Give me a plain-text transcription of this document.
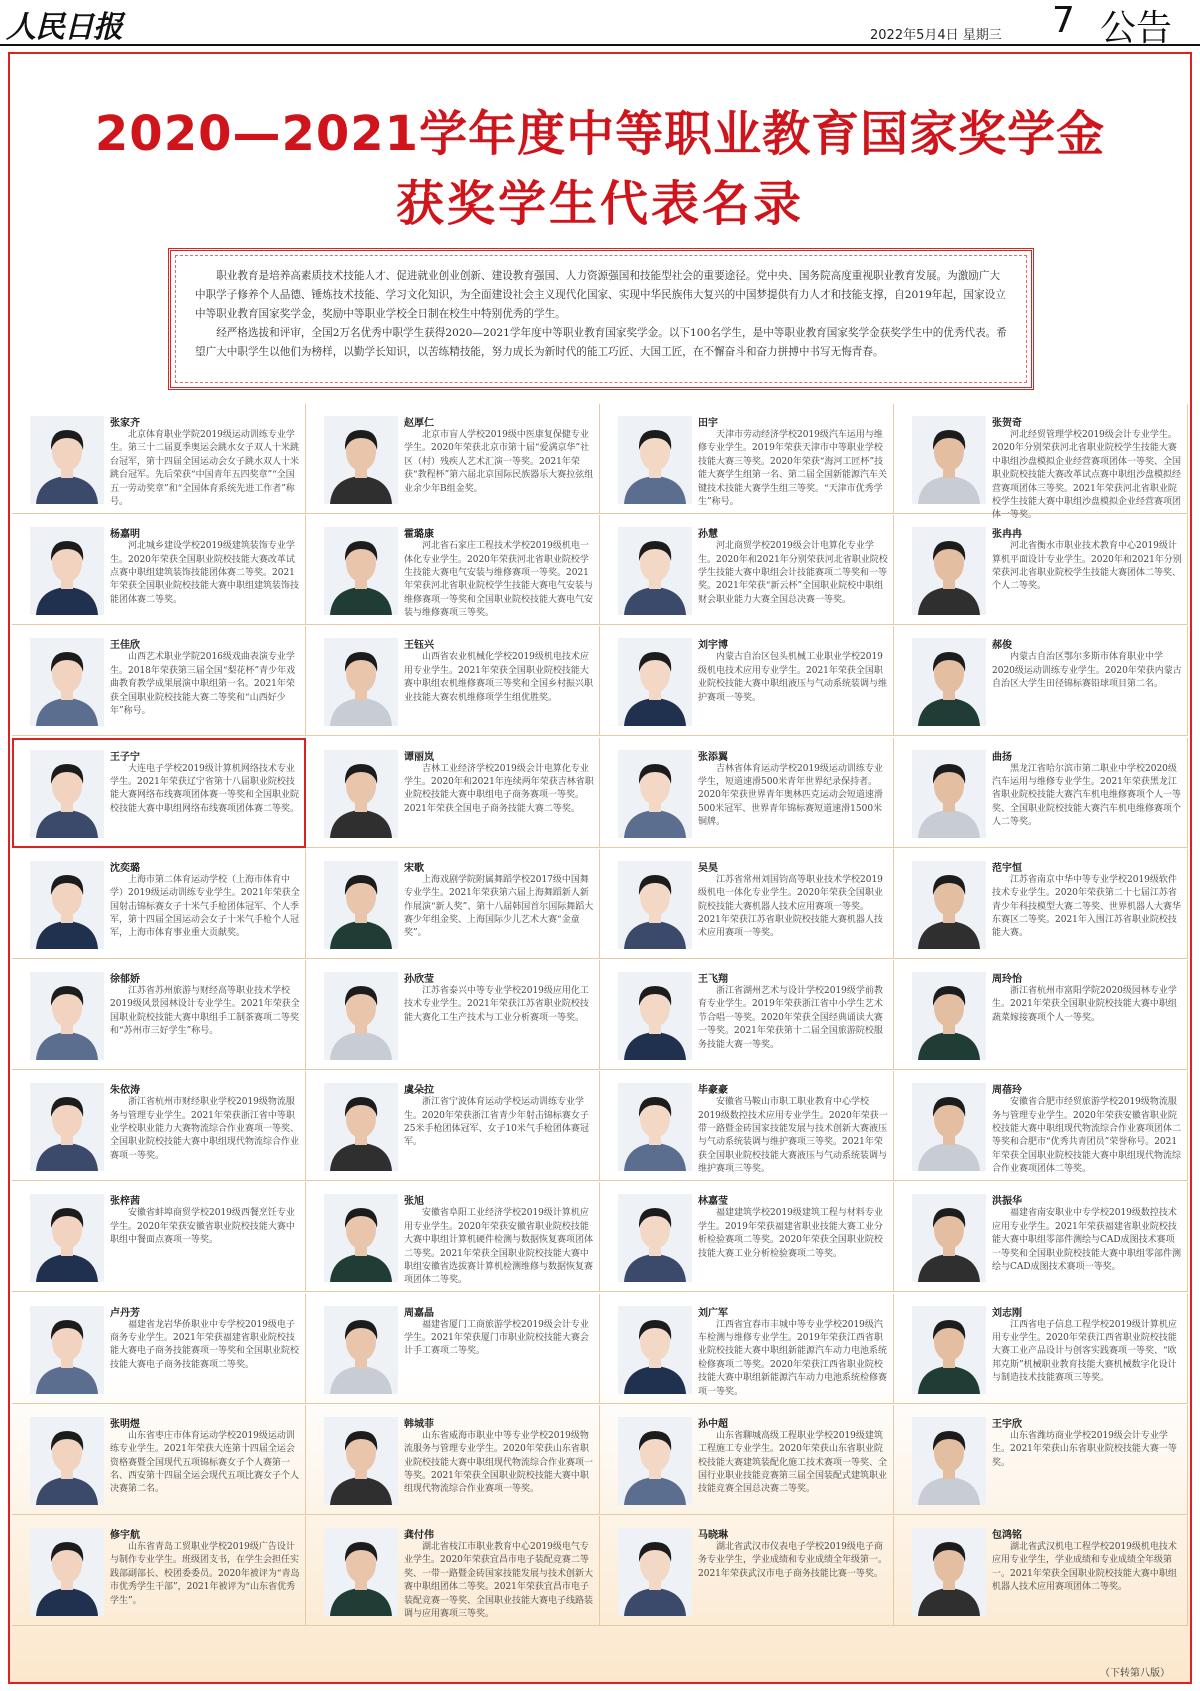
人民日报	2022年5月4日 星期三 7 公告
2020—2021学年度中等职业教育国家奖学金
获奖学生代表名录

职业教育是培养高素质技术技能人才、促进就业创业创新、建设教育强国、人力资源强国和技能型社会的重要途径。党中央、国务院高度重视职业教育发展。为激励广大中职学子修养个人品德、锤炼技术技能、学习文化知识，为全面建设社会主义现代化国家、实现中华民族伟大复兴的中国梦提供有力人才和技能支撑，自2019年起，国家设立中等职业教育国家奖学金，奖励中等职业学校全日制在校生中特别优秀的学生。

经严格选拔和评审，全国2万名优秀中职学生获得2020—2021学年度中等职业教育国家奖学金。以下100名学生，是中等职业教育国家奖学金获奖学生中的优秀代表。希望广大中职学生以他们为榜样，以勤学长知识，以苦练精技能，努力成长为新时代的能工巧匠、大国工匠，在不懈奋斗和奋力拼搏中书写无悔青春。

张家齐
北京体育职业学院2019级运动训练专业学生。第三十二届夏季奥运会跳水女子双人十米跳台冠军，第十四届全国运动会女子跳水双人十米跳台冠军。先后荣获“中国青年五四奖章”“全国五一劳动奖章”和“全国体育系统先进工作者”称号。
赵厚仁
北京市盲人学校2019级中医康复保健专业学生。2020年荣获北京市第十届“爱满京华”社区（村）残疾人艺术汇演一等奖。2021年荣获“教程杯”第六届北京国际民族器乐大赛拉弦组业余少年B组金奖。
田宇
天津市劳动经济学校2019级汽车运用与维修专业学生。2019年荣获天津市中等职业学校技能大赛三等奖。2020年荣获“海河工匠杯”技能大赛学生组第一名、第二届全国新能源汽车关键技术技能大赛学生组三等奖。“天津市优秀学生”称号。
张贺奇
河北经贸管理学校2019级会计专业学生。2020年分别荣获河北省职业院校学生技能大赛中职组沙盘模拟企业经营赛项团体一等奖、全国职业院校技能大赛改革试点赛中职组沙盘模拟经营赛项团体三等奖。2021年荣获河北省职业院校学生技能大赛中职组沙盘模拟企业经营赛项团体一等奖。
杨嘉明
河北城乡建设学校2019级建筑装饰专业学生。2020年荣获全国职业院校技能大赛改革试点赛中职组建筑装饰技能团体赛二等奖。2021年荣获全国职业院校技能大赛中职组建筑装饰技能团体赛二等奖。
霍璐康
河北省石家庄工程技术学校2019级机电一体化专业学生。2020年荣获河北省职业院校学生技能大赛电气安装与维修赛项一等奖。2021年荣获河北省职业院校学生技能大赛电气安装与维修赛项一等奖和全国职业院校技能大赛电气安装与维修赛项三等奖。
孙慧
河北商贸学校2019级会计电算化专业学生。2020年和2021年分别荣获河北省职业院校学生技能大赛中职组会计技能赛项二等奖和一等奖。2021年荣获“新云杯”全国职业院校中职组财会职业能力大赛全国总决赛一等奖。
张冉冉
河北省衡水市职业技术教育中心2019级计算机平面设计专业学生。2020年和2021年分别荣获河北省职业院校学生技能大赛团体二等奖、个人二等奖。
王佳欣
山西艺术职业学院2016级戏曲表演专业学生。2018年荣获第三届全国“梨花杯”青少年戏曲教育教学成果展演中职组第一名。2021年荣获全国职业院校技能大赛二等奖和“山西好少年”称号。
王钰兴
山西省农业机械化学校2019级机电技术应用专业学生。2021年荣获全国职业院校技能大赛中职组农机维修赛项三等奖和全国乡村振兴职业技能大赛农机维修项学生组优胜奖。
刘宇博
内蒙古自治区包头机械工业职业学校2019级机电技术应用专业学生。2021年荣获全国职业院校技能大赛中职组液压与气动系统装调与维护赛项一等奖。
郝俊
内蒙古自治区鄂尔多斯市体育职业中学2020级运动训练专业学生。2020年荣获内蒙古自治区大学生田径锦标赛铅球项目第二名。
王子宁
大连电子学校2019级计算机网络技术专业学生。2021年荣获辽宁省第十八届职业院校技能大赛网络布线赛项团体赛一等奖和全国职业院校技能大赛中职组网络布线赛项团体赛二等奖。
谭丽岚
吉林工业经济学校2019级会计电算化专业学生。2020年和2021年连续两年荣获吉林省职业院校技能大赛中职组电子商务赛项一等奖。2021年荣获全国电子商务技能大赛二等奖。
张添翼
吉林省体育运动学校2019级运动训练专业学生，短道速滑500米青年世界纪录保持者。2020年荣获世界青年奥林匹克运动会短道速滑500米冠军、世界青年锦标赛短道速滑1500米铜牌。
曲扬
黑龙江省哈尔滨市第二职业中学校2020级汽车运用与维修专业学生。2021年荣获黑龙江省职业院校技能大赛汽车机电维修赛项个人一等奖、全国职业院校技能大赛汽车机电维修赛项个人二等奖。
沈奕璐
上海市第二体育运动学校（上海市体育中学）2019级运动训练专业学生。2021年荣获全国射击锦标赛女子十米气手枪团体冠军、个人季军，第十四届全国运动会女子十米气手枪个人冠军，上海市体育事业重大贡献奖。
宋歌
上海戏剧学院附属舞蹈学校2017级中国舞专业学生。2021年荣获第六届上海舞蹈新人新作展演“新人奖”、第十八届韩国首尔国际舞蹈大赛少年组金奖、上海国际少儿艺术大赛“金童奖”。
吴昊
江苏省常州刘国钧高等职业技术学校2019级机电一体化专业学生。2020年荣获全国职业院校技能大赛机器人技术应用赛项一等奖。2021年荣获江苏省职业院校技能大赛机器人技术应用赛项一等奖。
范宇恒
江苏省南京中华中等专业学校2019级软件技术专业学生。2020年荣获第二十七届江苏省青少年科技模型大赛二等奖、世界机器人大赛华东赛区二等奖。2021年入围江苏省职业院校技能大赛。
徐郁娇
江苏省苏州旅游与财经高等职业技术学校2019级风景园林设计专业学生。2021年荣获全国职业院校技能大赛中职组手工制茶赛项二等奖和“苏州市三好学生”称号。
孙欣莹
江苏省泰兴中等专业学校2019级应用化工技术专业学生。2021年荣获江苏省职业院校技能大赛化工生产技术与工业分析赛项一等奖。
王飞翔
浙江省湖州艺术与设计学校2019级学前教育专业学生。2019年荣获浙江省中小学生艺术节合唱一等奖。2020年荣获全国经典诵读大赛一等奖。2021年荣获第十二届全国旅游院校服务技能大赛一等奖。
周玲怡
浙江省杭州市富阳学院2020级园林专业学生。2021年荣获全国职业院校技能大赛中职组蔬菜嫁接赛项个人一等奖。
朱依涛
浙江省杭州市财经职业学校2019级物流服务与管理专业学生。2021年荣获浙江省中等职业学校职业能力大赛物流综合作业赛项一等奖、全国职业院校技能大赛中职组现代物流综合作业赛项一等奖。
虞朵拉
浙江省宁波体育运动学校运动训练专业学生。2020年荣获浙江省青少年射击锦标赛女子25米手枪团体冠军、女子10米气手枪团体赛冠军。
毕豪豪
安徽省马鞍山市职工职业教育中心学校2019级数控技术应用专业学生。2020年荣获一带一路暨金砖国家技能发展与技术创新大赛液压与气动系统装调与维护赛项三等奖。2021年荣获全国职业院校技能大赛液压与气动系统装调与维护赛项三等奖。
周蓓玲
安徽省合肥市经贸旅游学校2019级物流服务与管理专业学生。2020年荣获安徽省职业院校技能大赛中职组现代物流综合作业赛项团体二等奖和合肥市“优秀共青团员”荣誉称号。2021年荣获全国职业院校技能大赛中职组现代物流综合作业赛项团体二等奖。
张梓茜
安徽省蚌埠商贸学校2019级西餐烹饪专业学生。2020年荣获安徽省职业院校技能大赛中职组中餐面点赛项一等奖。
张旭
安徽省阜阳工业经济学校2019级计算机应用专业学生。2020年荣获安徽省职业院校技能大赛中职组计算机硬件检测与数据恢复赛项团体二等奖。2021年荣获全国职业院校技能大赛中职组安徽省选拔赛计算机检测维修与数据恢复赛项团体二等奖。
林嘉莹
福建建筑学校2019级建筑工程与材料专业学生。2019年荣获福建省职业技能大赛工业分析检验赛项二等奖。2020年荣获全国职业院校技能大赛工业分析检验赛项二等奖。
洪振华
福建省南安职业中专学校2019级数控技术应用专业学生。2021年荣获福建省职业院校技能大赛中职组零部件测绘与CAD成图技术赛项一等奖和全国职业院校技能大赛中职组零部件测绘与CAD成图技术赛项一等奖。
卢丹芳
福建省龙岩华侨职业中专学校2019级电子商务专业学生。2021年荣获福建省职业院校技能大赛电子商务技能赛项一等奖和全国职业院校技能大赛电子商务技能赛项二等奖。
周嘉晶
福建省厦门工商旅游学校2019级会计专业学生。2021年荣获厦门市职业院校技能大赛会计手工赛项二等奖。
刘广军
江西省宜春市丰城中等专业学校2019级汽车检测与维修专业学生。2019年荣获江西省职业院校技能大赛中职组新能源汽车动力电池系统检修赛项二等奖。2020年荣获江西省职业院校技能大赛中职组新能源汽车动力电池系统检修赛项一等奖。
刘志刚
江西省电子信息工程学校2019级计算机应用专业学生。2020年荣获江西省职业院校技能大赛工业产品设计与创客实践赛项一等奖、“欧邦克斯”机械职业教育技能大赛机械数字化设计与制造技术技能赛项三等奖。
张明煜
山东省枣庄市体育运动学校2019级运动训练专业学生。2021年荣获大连第十四届全运会资格赛暨全国现代五项锦标赛女子个人赛第一名、西安第十四届全运会现代五项比赛女子个人决赛第二名。
韩城菲
山东省威海市职业中等专业学校2019级物流服务与管理专业学生。2020年荣获山东省职业院校技能大赛中职组现代物流综合作业赛项一等奖。2021年荣获全国职业院校技能大赛中职组现代物流综合作业赛项一等奖。
孙中超
山东省聊城高级工程职业学校2019级建筑工程施工专业学生。2020年荣获山东省职业院校技能大赛建筑装配化施工技术赛项一等奖、全国行业职业技能竞赛第三届全国装配式建筑职业技能竞赛全国总决赛二等奖。
王宇欣
山东省潍坊商业学校2019级会计专业学生。2021年荣获山东省职业院校技能大赛一等奖。
修宇航
山东省青岛工贸职业学校2019级广告设计与制作专业学生。班级团支书，在学生会担任实践部副部长、校团委委员。2020年被评为“青岛市优秀学生干部”，2021年被评为“山东省优秀学生”。
龚付伟
湖北省枝江市职业教育中心2019级电气专业学生。2020年荣获宜昌市电子装配竞赛二等奖、一带一路暨金砖国家技能发展与技术创新大赛中职组团体二等奖。2021年荣获宜昌市电子装配竞赛一等奖、全国职业技能大赛电子线路装调与应用赛项三等奖。
马晓琳
湖北省武汉市仪表电子学校2019级电子商务专业学生，学业成绩和专业成绩全年级第一。2021年荣获武汉市电子商务技能比赛一等奖。
包鸿铭
湖北省武汉机电工程学校2019级机电技术应用专业学生，学业成绩和专业成绩全年级第一。2021年荣获全国职业院校技能大赛中职组机器人技术应用赛项团体二等奖。
（下转第八版）
